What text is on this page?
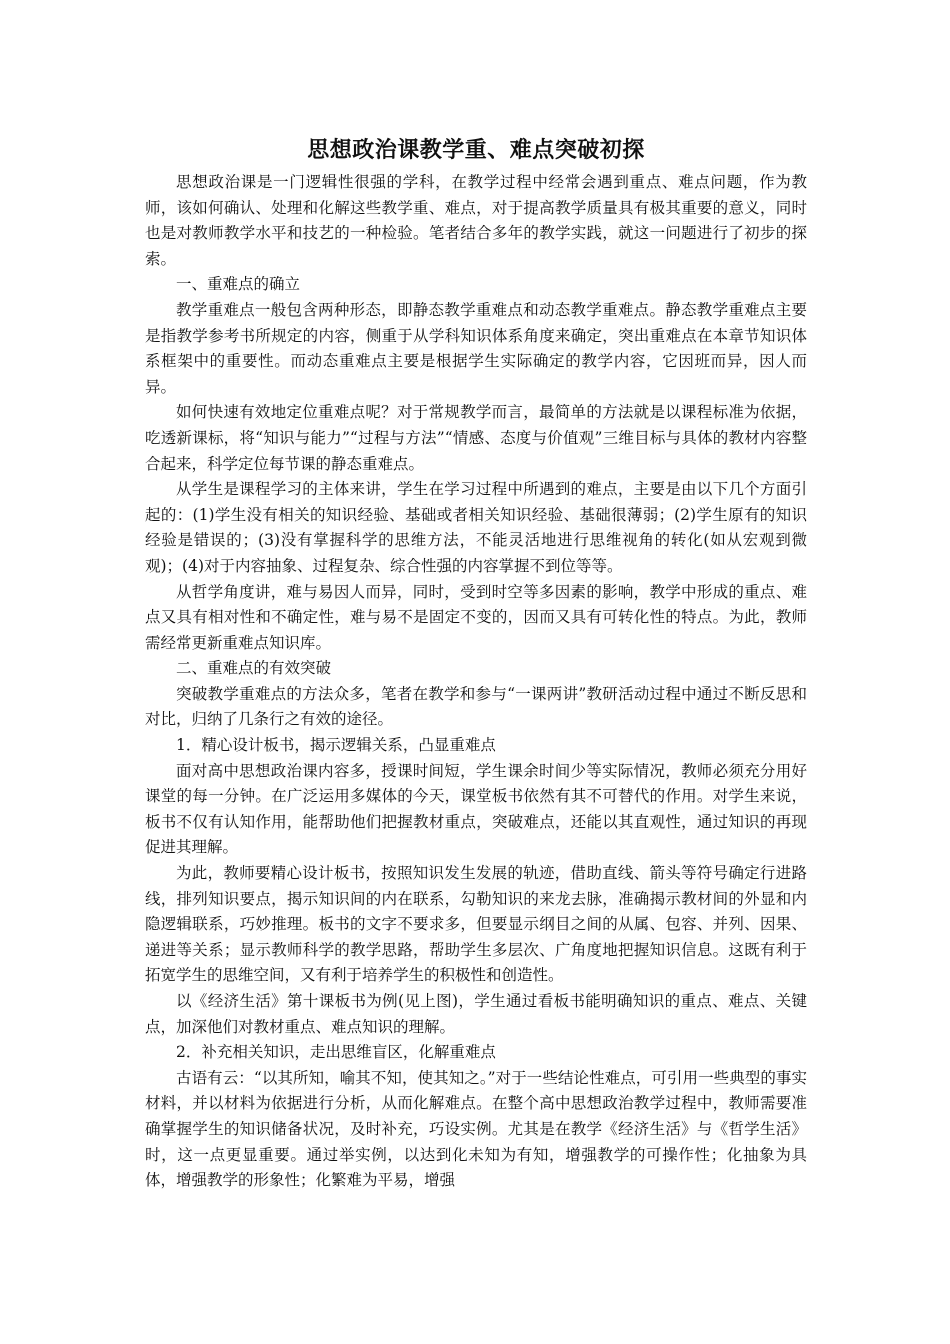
思想政治课教学重、难点突破初探

思想政治课是一门逻辑性很强的学科，在教学过程中经常会遇到重点、难点问题，作为教师，该如何确认、处理和化解这些教学重、难点，对于提高教学质量具有极其重要的意义，同时也是对教师教学水平和技艺的一种检验。笔者结合多年的教学实践，就这一问题进行了初步的探索。

一、重难点的确立

教学重难点一般包含两种形态，即静态教学重难点和动态教学重难点。静态教学重难点主要是指教学参考书所规定的内容，侧重于从学科知识体系角度来确定，突出重难点在本章节知识体系框架中的重要性。而动态重难点主要是根据学生实际确定的教学内容，它因班而异，因人而异。

如何快速有效地定位重难点呢？对于常规教学而言，最简单的方法就是以课程标准为依据，吃透新课标，将“知识与能力”“过程与方法”“情感、态度与价值观”三维目标与具体的教材内容整合起来，科学定位每节课的静态重难点。

从学生是课程学习的主体来讲，学生在学习过程中所遇到的难点，主要是由以下几个方面引起的：(1)学生没有相关的知识经验、基础或者相关知识经验、基础很薄弱；(2)学生原有的知识经验是错误的；(3)没有掌握科学的思维方法，不能灵活地进行思维视角的转化(如从宏观到微观)；(4)对于内容抽象、过程复杂、综合性强的内容掌握不到位等等。

从哲学角度讲，难与易因人而异，同时，受到时空等多因素的影响，教学中形成的重点、难点又具有相对性和不确定性，难与易不是固定不变的，因而又具有可转化性的特点。为此，教师需经常更新重难点知识库。

二、重难点的有效突破

突破教学重难点的方法众多，笔者在教学和参与“一课两讲”教研活动过程中通过不断反思和对比，归纳了几条行之有效的途径。

1．精心设计板书，揭示逻辑关系，凸显重难点

面对高中思想政治课内容多，授课时间短，学生课余时间少等实际情况，教师必须充分用好课堂的每一分钟。在广泛运用多媒体的今天，课堂板书依然有其不可替代的作用。对学生来说，板书不仅有认知作用，能帮助他们把握教材重点，突破难点，还能以其直观性，通过知识的再现促进其理解。

为此，教师要精心设计板书，按照知识发生发展的轨迹，借助直线、箭头等符号确定行进路线，排列知识要点，揭示知识间的内在联系，勾勒知识的来龙去脉，准确揭示教材间的外显和内隐逻辑联系，巧妙推理。板书的文字不要求多，但要显示纲目之间的从属、包容、并列、因果、递进等关系；显示教师科学的教学思路，帮助学生多层次、广角度地把握知识信息。这既有利于拓宽学生的思维空间，又有利于培养学生的积极性和创造性。

以《经济生活》第十课板书为例(见上图)，学生通过看板书能明确知识的重点、难点、关键点，加深他们对教材重点、难点知识的理解。

2．补充相关知识，走出思维盲区，化解重难点

古语有云：“以其所知，喻其不知，使其知之。”对于一些结论性难点，可引用一些典型的事实材料，并以材料为依据进行分析，从而化解难点。在整个高中思想政治教学过程中，教师需要准确掌握学生的知识储备状况，及时补充，巧设实例。尤其是在教学《经济生活》与《哲学生活》时，这一点更显重要。通过举实例，以达到化未知为有知，增强教学的可操作性；化抽象为具体，增强教学的形象性；化繁难为平易，增强
